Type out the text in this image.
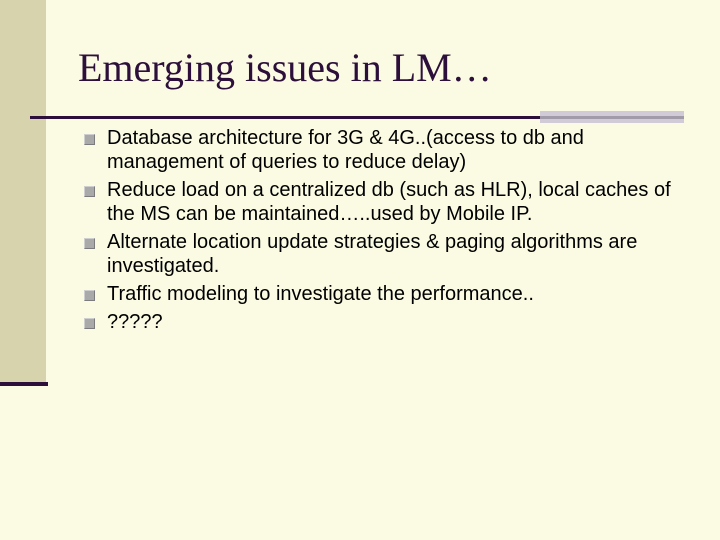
Emerging issues in LM…
Database architecture for 3G & 4G..(access to db and management of queries to reduce delay)
Reduce load on a centralized db (such as HLR), local caches of the MS can be maintained…..used by Mobile IP.
Alternate location update strategies & paging algorithms are investigated.
Traffic modeling to investigate the performance..
?????
